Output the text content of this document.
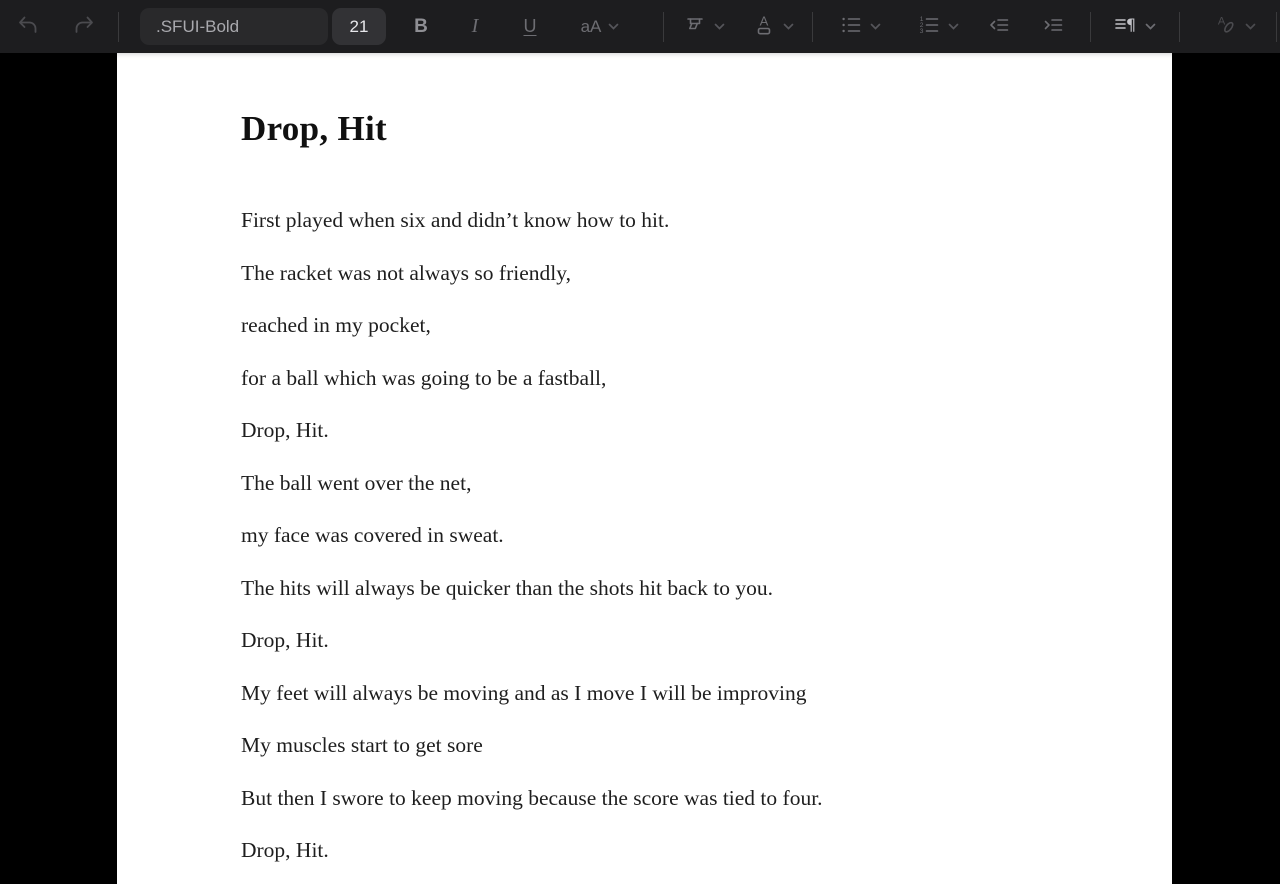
.SFUI-Bold	21	B	I	U	aA	A	1
2
3	¶	A
Drop, Hit

First played when six and didn’t know how to hit.

The racket was not always so friendly,

reached in my pocket,

for a ball which was going to be a fastball,

Drop, Hit.

The ball went over the net,

my face was covered in sweat.

The hits will always be quicker than the shots hit back to you.

Drop, Hit.

My feet will always be moving and as I move I will be improving

My muscles start to get sore

But then I swore to keep moving because the score was tied to four.

Drop, Hit.
